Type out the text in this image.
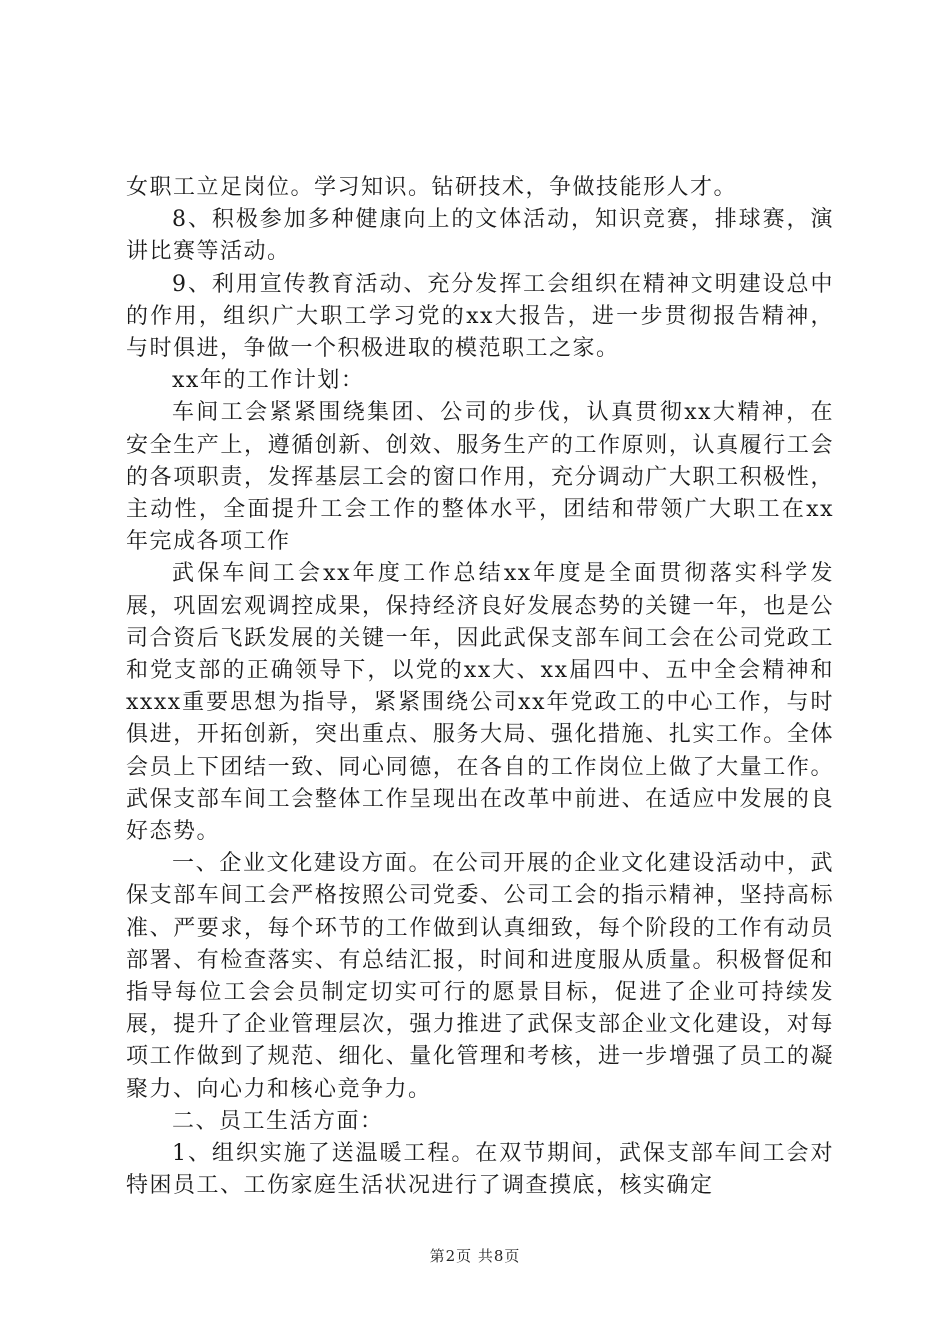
女职工立足岗位。学习知识。钻研技术，争做技能形人才。

8、积极参加多种健康向上的文体活动，知识竞赛，排球赛，演讲比赛等活动。

9、利用宣传教育活动、充分发挥工会组织在精神文明建设总中的作用，组织广大职工学习党的xx大报告，进一步贯彻报告精神，与时俱进，争做一个积极进取的模范职工之家。

xx年的工作计划：

车间工会紧紧围绕集团、公司的步伐，认真贯彻xx大精神，在安全生产上，遵循创新、创效、服务生产的工作原则，认真履行工会的各项职责，发挥基层工会的窗口作用，充分调动广大职工积极性，主动性，全面提升工会工作的整体水平，团结和带领广大职工在xx年完成各项工作

武保车间工会xx年度工作总结xx年度是全面贯彻落实科学发展，巩固宏观调控成果，保持经济良好发展态势的关键一年，也是公司合资后飞跃发展的关键一年，因此武保支部车间工会在公司党政工和党支部的正确领导下，以党的xx大、xx届四中、五中全会精神和xxxx重要思想为指导，紧紧围绕公司xx年党政工的中心工作，与时俱进，开拓创新，突出重点、服务大局、强化措施、扎实工作。全体会员上下团结一致、同心同德，在各自的工作岗位上做了大量工作。武保支部车间工会整体工作呈现出在改革中前进、在适应中发展的良好态势。

一、企业文化建设方面。在公司开展的企业文化建设活动中，武保支部车间工会严格按照公司党委、公司工会的指示精神，坚持高标准、严要求，每个环节的工作做到认真细致，每个阶段的工作有动员部署、有检查落实、有总结汇报，时间和进度服从质量。积极督促和指导每位工会会员制定切实可行的愿景目标，促进了企业可持续发展，提升了企业管理层次，强力推进了武保支部企业文化建设，对每项工作做到了规范、细化、量化管理和考核，进一步增强了员工的凝聚力、向心力和核心竞争力。

二、员工生活方面：

1、组织实施了送温暖工程。在双节期间，武保支部车间工会对特困员工、工伤家庭生活状况进行了调查摸底，核实确定

第2页 共8页
